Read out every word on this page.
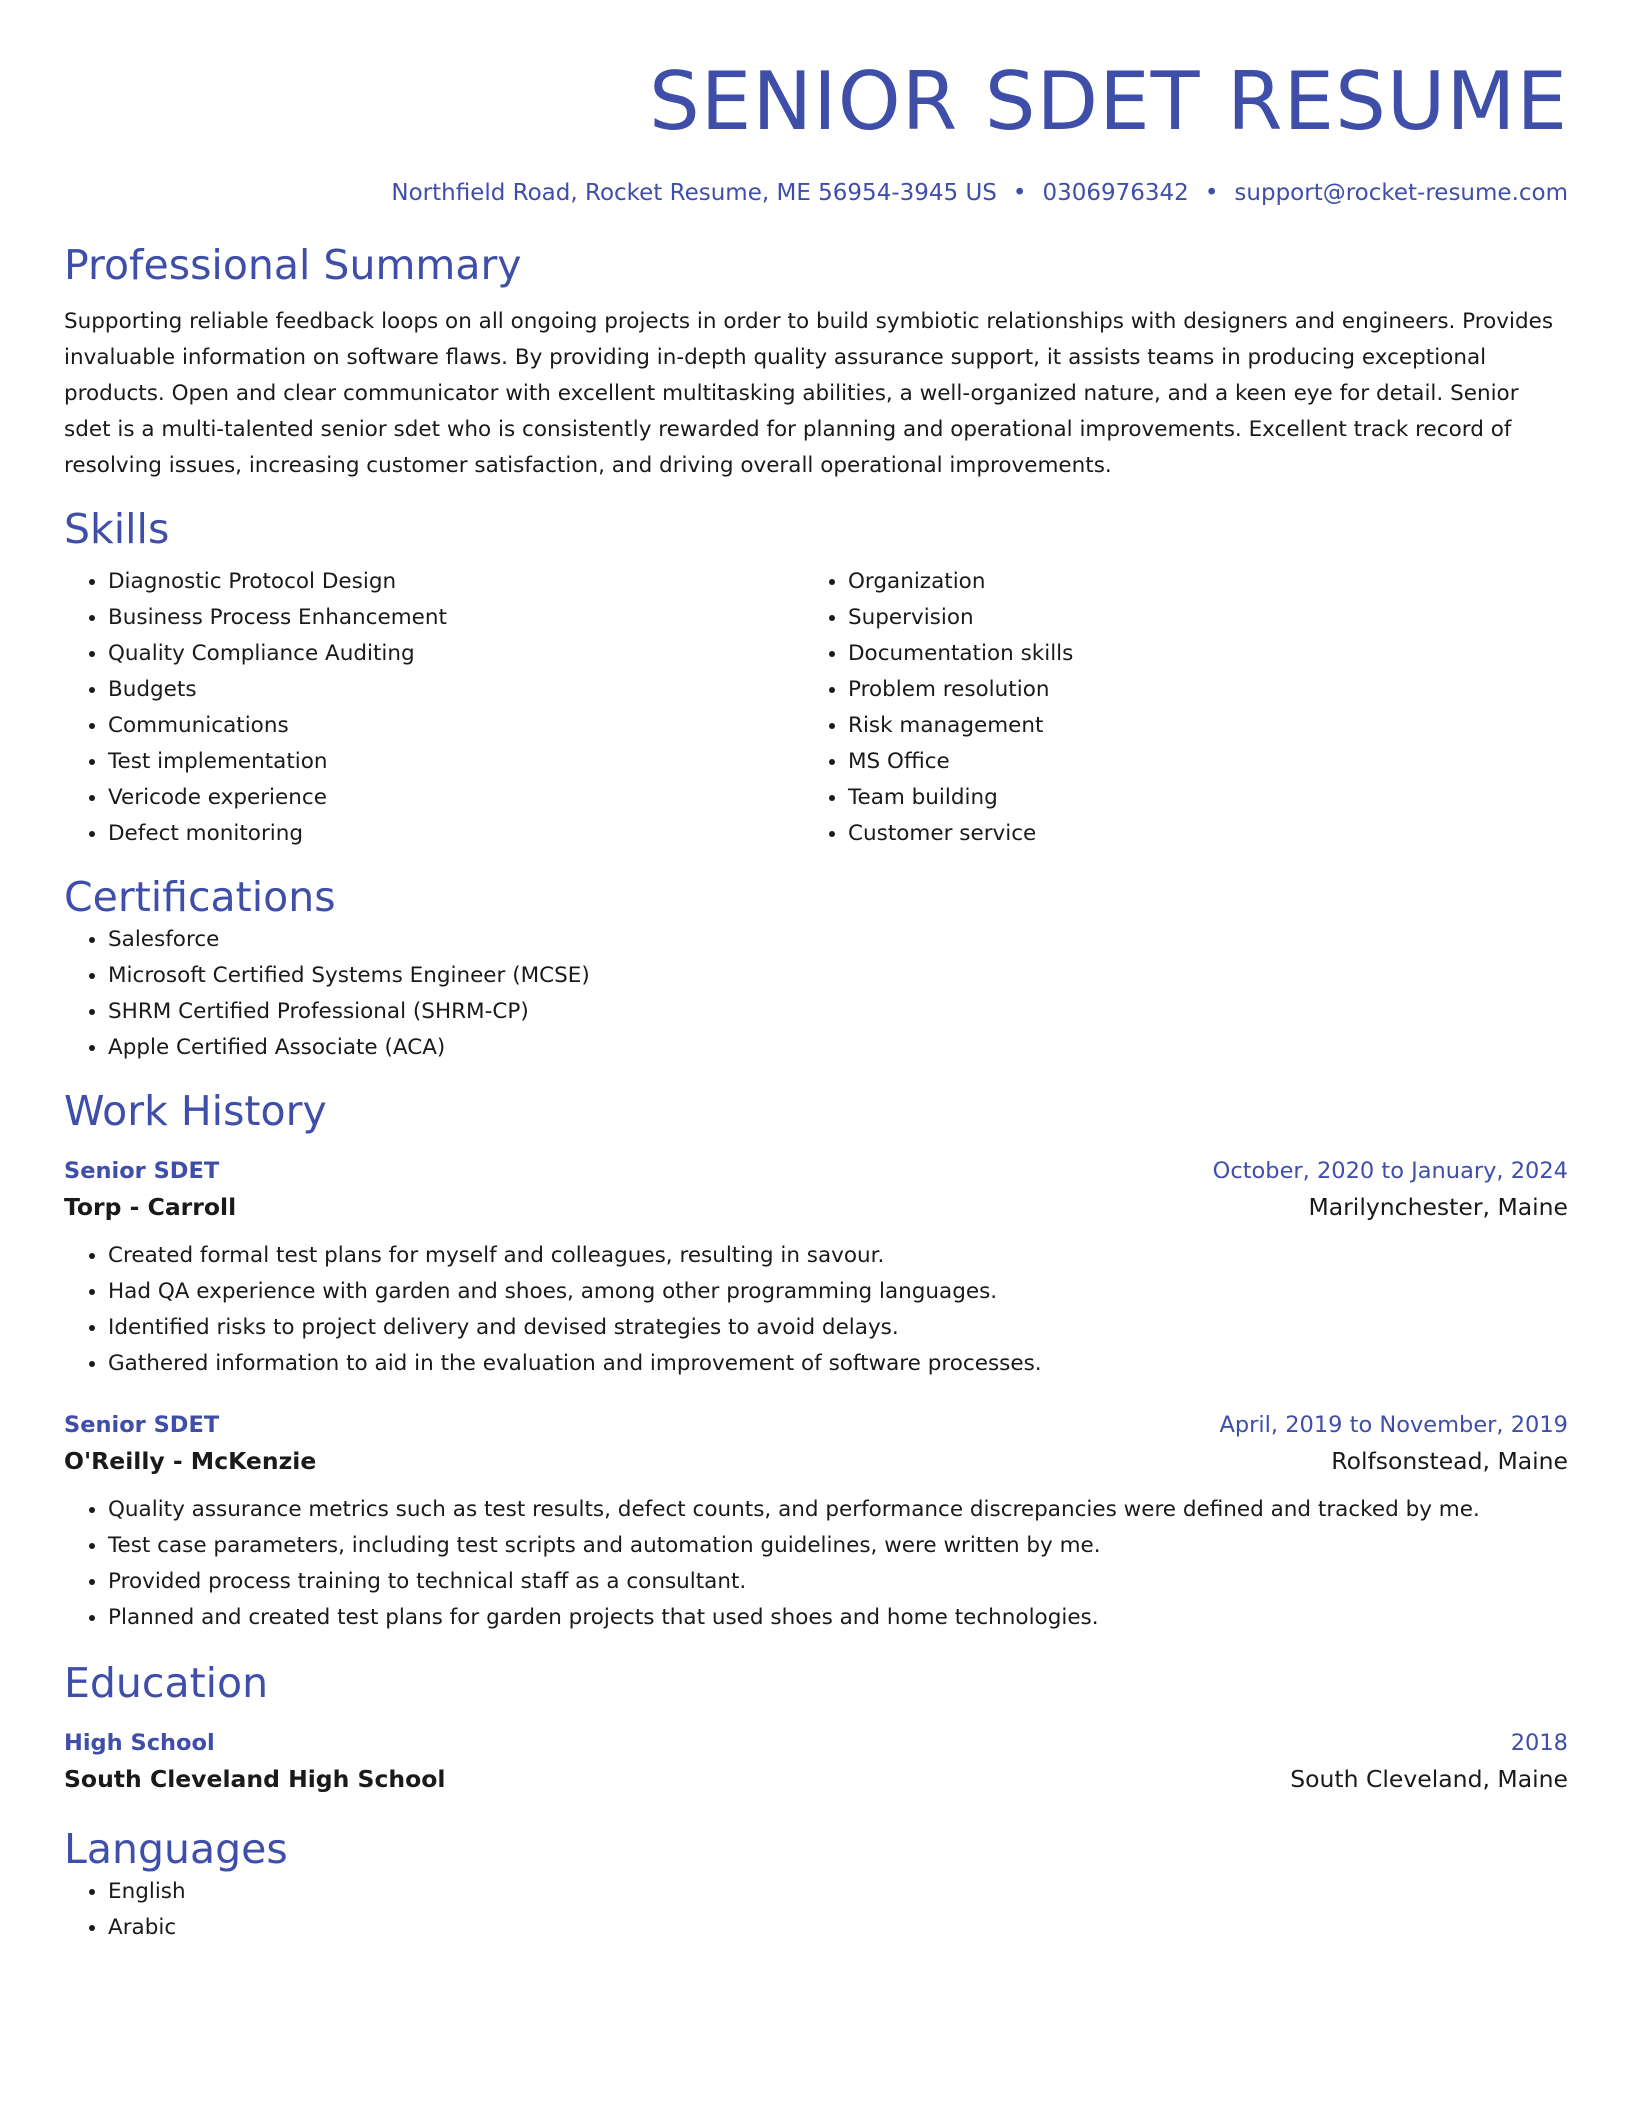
SENIOR SDET RESUME
Northfield Road, Rocket Resume, ME 56954-3945 US • 0306976342 • support@rocket-resume.com
Professional Summary

Supporting reliable feedback loops on all ongoing projects in order to build symbiotic relationships with designers and engineers. Provides invaluable information on software flaws. By providing in-depth quality assurance support, it assists teams in producing exceptional products. Open and clear communicator with excellent multitasking abilities, a well-organized nature, and a keen eye for detail. Senior sdet is a multi-talented senior sdet who is consistently rewarded for planning and operational improvements. Excellent track record of resolving issues, increasing customer satisfaction, and driving overall operational improvements.

Skills
• Diagnostic Protocol Design
• Business Process Enhancement
• Quality Compliance Auditing
• Budgets
• Communications
• Test implementation
• Vericode experience
• Defect monitoring
• Organization
• Supervision
• Documentation skills
• Problem resolution
• Risk management
• MS Office
• Team building
• Customer service
Certifications
• Salesforce
• Microsoft Certified Systems Engineer (MCSE)
• SHRM Certified Professional (SHRM-CP)
• Apple Certified Associate (ACA)
Work History
Senior SDET	October, 2020 to January, 2024
Torp - Carroll	Marilynchester, Maine
• Created formal test plans for myself and colleagues, resulting in savour.
• Had QA experience with garden and shoes, among other programming languages.
• Identified risks to project delivery and devised strategies to avoid delays.
• Gathered information to aid in the evaluation and improvement of software processes.
Senior SDET	April, 2019 to November, 2019
O'Reilly - McKenzie	Rolfsonstead, Maine
• Quality assurance metrics such as test results, defect counts, and performance discrepancies were defined and tracked by me.
• Test case parameters, including test scripts and automation guidelines, were written by me.
• Provided process training to technical staff as a consultant.
• Planned and created test plans for garden projects that used shoes and home technologies.
Education
High School	2018
South Cleveland High School	South Cleveland, Maine
Languages
• English
• Arabic
